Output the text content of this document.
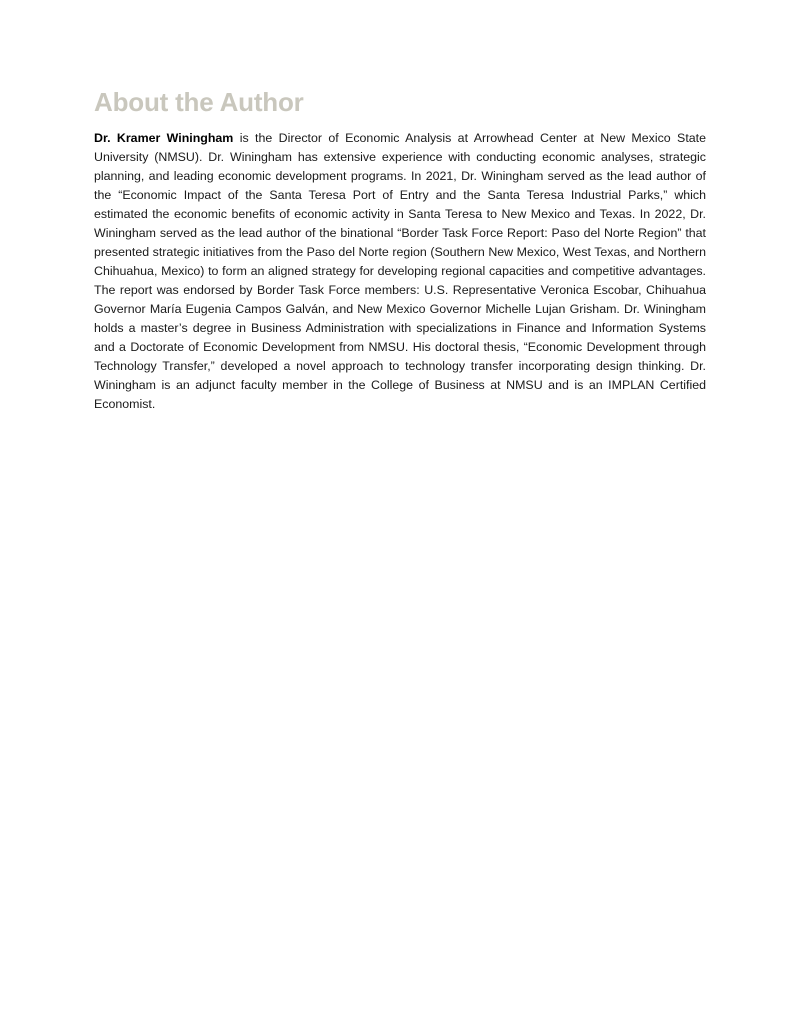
About the Author

Dr. Kramer Winingham is the Director of Economic Analysis at Arrowhead Center at New Mexico State University (NMSU). Dr. Winingham has extensive experience with conducting economic analyses, strategic planning, and leading economic development programs. In 2021, Dr. Winingham served as the lead author of the “Economic Impact of the Santa Teresa Port of Entry and the Santa Teresa Industrial Parks,” which estimated the economic benefits of economic activity in Santa Teresa to New Mexico and Texas. In 2022, Dr. Winingham served as the lead author of the binational “Border Task Force Report: Paso del Norte Region” that presented strategic initiatives from the Paso del Norte region (Southern New Mexico, West Texas, and Northern Chihuahua, Mexico) to form an aligned strategy for developing regional capacities and competitive advantages. The report was endorsed by Border Task Force members: U.S. Representative Veronica Escobar, Chihuahua Governor María Eugenia Campos Galván, and New Mexico Governor Michelle Lujan Grisham. Dr. Winingham holds a master’s degree in Business Administration with specializations in Finance and Information Systems and a Doctorate of Economic Development from NMSU. His doctoral thesis, “Economic Development through Technology Transfer,” developed a novel approach to technology transfer incorporating design thinking. Dr. Winingham is an adjunct faculty member in the College of Business at NMSU and is an IMPLAN Certified Economist.
